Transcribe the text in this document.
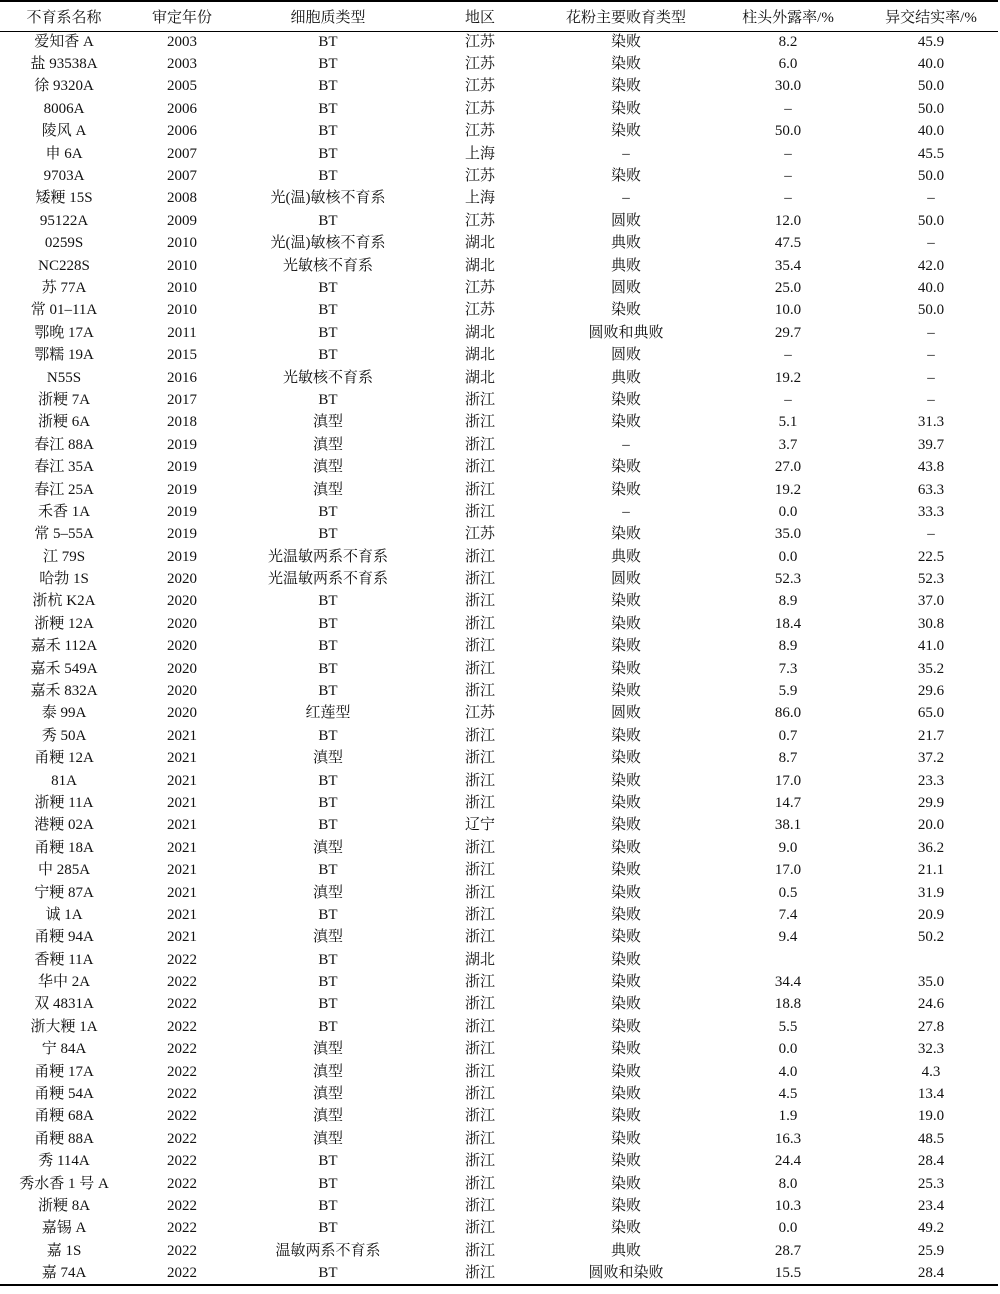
不育系名称	审定年份	细胞质类型	地区	花粉主要败育类型	柱头外露率/%	异交结实率/%
爱知香 A	2003	BT	江苏	染败	8.2	45.9
盐 93538A	2003	BT	江苏	染败	6.0	40.0
徐 9320A	2005	BT	江苏	染败	30.0	50.0
8006A	2006	BT	江苏	染败	–	50.0
陵风 A	2006	BT	江苏	染败	50.0	40.0
申 6A	2007	BT	上海	–	–	45.5
9703A	2007	BT	江苏	染败	–	50.0
矮粳 15S	2008	光(温)敏核不育系	上海	–	–	–
95122A	2009	BT	江苏	圆败	12.0	50.0
0259S	2010	光(温)敏核不育系	湖北	典败	47.5	–
NC228S	2010	光敏核不育系	湖北	典败	35.4	42.0
苏 77A	2010	BT	江苏	圆败	25.0	40.0
常 01–11A	2010	BT	江苏	染败	10.0	50.0
鄂晚 17A	2011	BT	湖北	圆败和典败	29.7	–
鄂糯 19A	2015	BT	湖北	圆败	–	–
N55S	2016	光敏核不育系	湖北	典败	19.2	–
浙粳 7A	2017	BT	浙江	染败	–	–
浙粳 6A	2018	滇型	浙江	染败	5.1	31.3
春江 88A	2019	滇型	浙江	–	3.7	39.7
春江 35A	2019	滇型	浙江	染败	27.0	43.8
春江 25A	2019	滇型	浙江	染败	19.2	63.3
禾香 1A	2019	BT	浙江	–	0.0	33.3
常 5–55A	2019	BT	江苏	染败	35.0	–
江 79S	2019	光温敏两系不育系	浙江	典败	0.0	22.5
哈勃 1S	2020	光温敏两系不育系	浙江	圆败	52.3	52.3
浙杭 K2A	2020	BT	浙江	染败	8.9	37.0
浙粳 12A	2020	BT	浙江	染败	18.4	30.8
嘉禾 112A	2020	BT	浙江	染败	8.9	41.0
嘉禾 549A	2020	BT	浙江	染败	7.3	35.2
嘉禾 832A	2020	BT	浙江	染败	5.9	29.6
泰 99A	2020	红莲型	江苏	圆败	86.0	65.0
秀 50A	2021	BT	浙江	染败	0.7	21.7
甬粳 12A	2021	滇型	浙江	染败	8.7	37.2
81A	2021	BT	浙江	染败	17.0	23.3
浙粳 11A	2021	BT	浙江	染败	14.7	29.9
港粳 02A	2021	BT	辽宁	染败	38.1	20.0
甬粳 18A	2021	滇型	浙江	染败	9.0	36.2
中 285A	2021	BT	浙江	染败	17.0	21.1
宁粳 87A	2021	滇型	浙江	染败	0.5	31.9
诚 1A	2021	BT	浙江	染败	7.4	20.9
甬粳 94A	2021	滇型	浙江	染败	9.4	50.2
香粳 11A	2022	BT	湖北	染败		
华中 2A	2022	BT	浙江	染败	34.4	35.0
双 4831A	2022	BT	浙江	染败	18.8	24.6
浙大粳 1A	2022	BT	浙江	染败	5.5	27.8
宁 84A	2022	滇型	浙江	染败	0.0	32.3
甬粳 17A	2022	滇型	浙江	染败	4.0	4.3
甬粳 54A	2022	滇型	浙江	染败	4.5	13.4
甬粳 68A	2022	滇型	浙江	染败	1.9	19.0
甬粳 88A	2022	滇型	浙江	染败	16.3	48.5
秀 114A	2022	BT	浙江	染败	24.4	28.4
秀水香 1 号 A	2022	BT	浙江	染败	8.0	25.3
浙粳 8A	2022	BT	浙江	染败	10.3	23.4
嘉锡 A	2022	BT	浙江	染败	0.0	49.2
嘉 1S	2022	温敏两系不育系	浙江	典败	28.7	25.9
嘉 74A	2022	BT	浙江	圆败和染败	15.5	28.4
